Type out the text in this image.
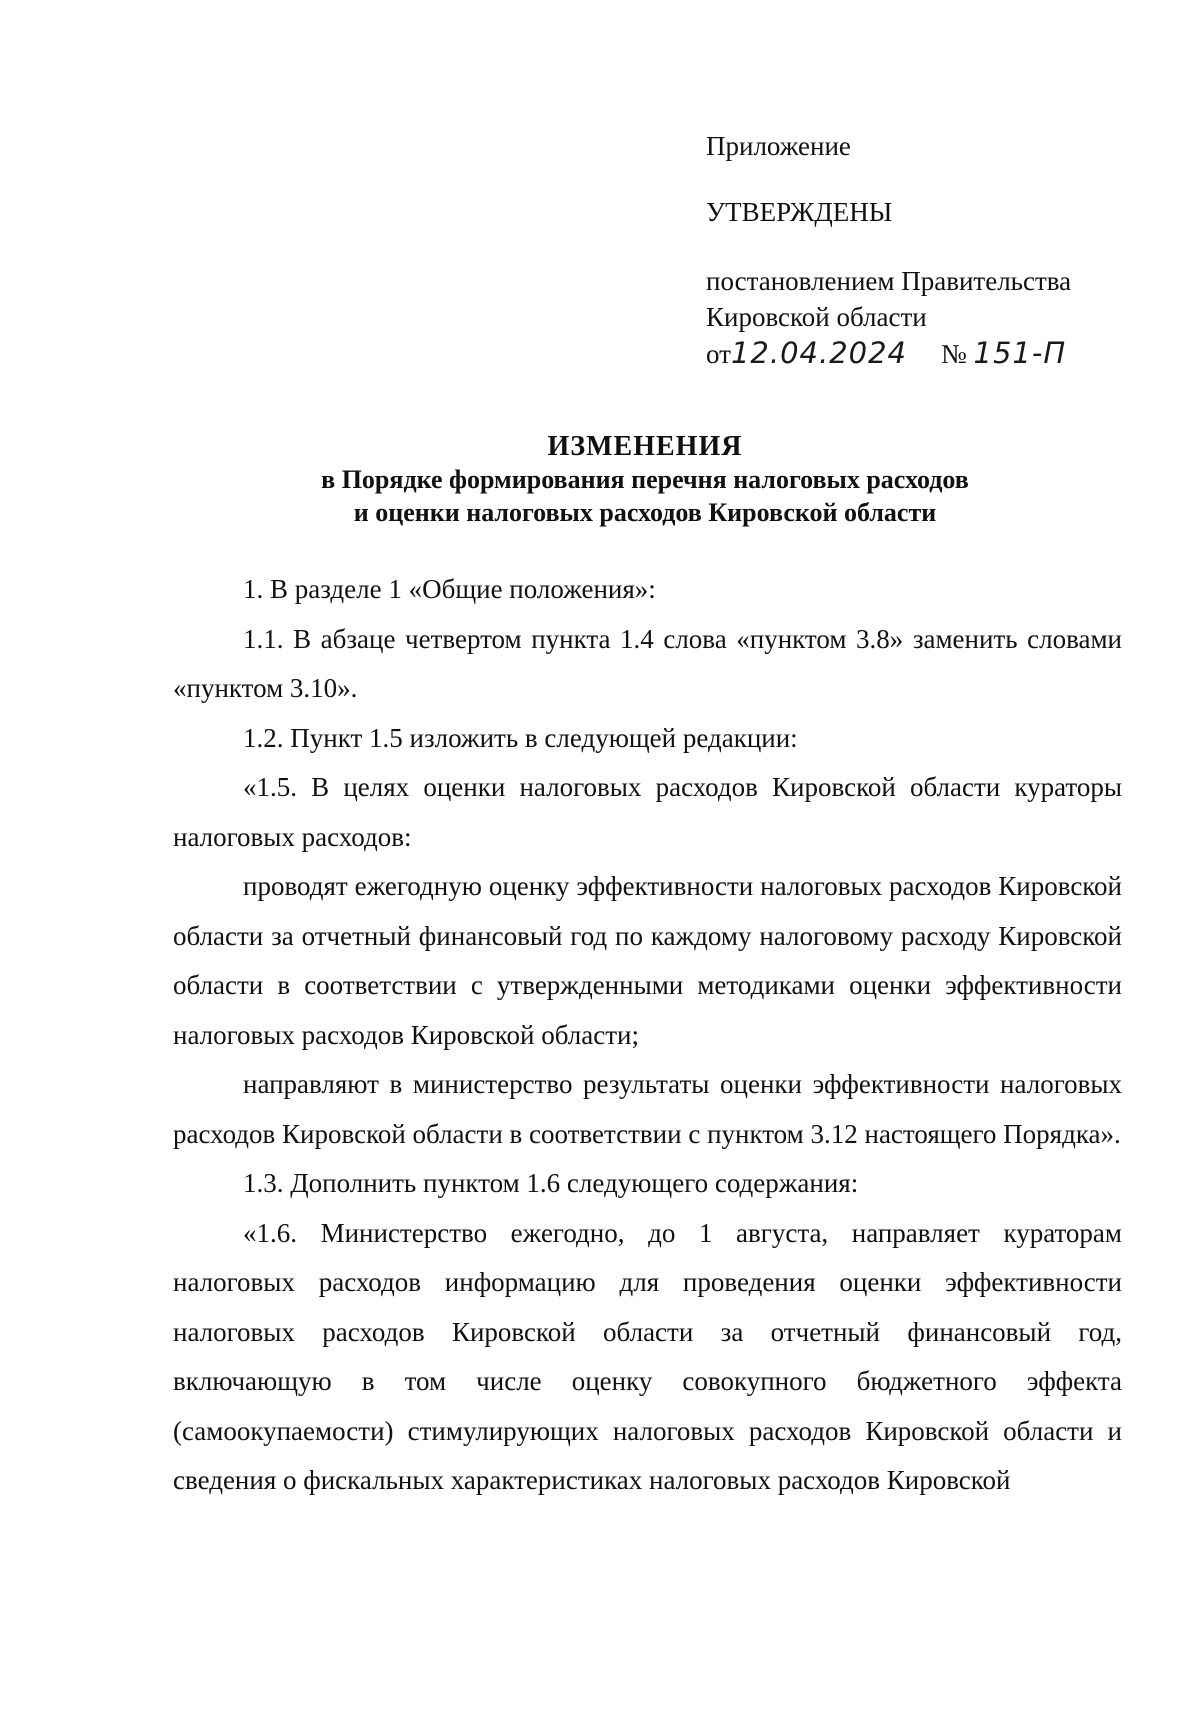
Приложение
УТВЕРЖДЕНЫ
постановлением Правительства
Кировской области
от12.04.2024 № 151-П
ИЗМЕНЕНИЯ
в Порядке формирования перечня налоговых расходов
и оценки налоговых расходов Кировской области

1. В разделе 1 «Общие положения»:

1.1. В абзаце четвертом пункта 1.4 слова «пунктом 3.8» заменить словами «пунктом 3.10».

1.2. Пункт 1.5 изложить в следующей редакции:

«1.5. В целях оценки налоговых расходов Кировской области кураторы налоговых расходов:

проводят ежегодную оценку эффективности налоговых расходов Кировской области за отчетный финансовый год по каждому налоговому расходу Кировской области в соответствии с утвержденными методиками оценки эффективности налоговых расходов Кировской области;

направляют в министерство результаты оценки эффективности налоговых расходов Кировской области в соответствии с пунктом 3.12 настоящего Порядка».

1.3. Дополнить пунктом 1.6 следующего содержания:

«1.6. Министерство ежегодно, до 1 августа, направляет кураторам налоговых расходов информацию для проведения оценки эффективности налоговых расходов Кировской области за отчетный финансовый год, включающую в том числе оценку совокупного бюджетного эффекта (самоокупаемости) стимулирующих налоговых расходов Кировской области и сведения о фискальных характеристиках налоговых расходов Кировской
